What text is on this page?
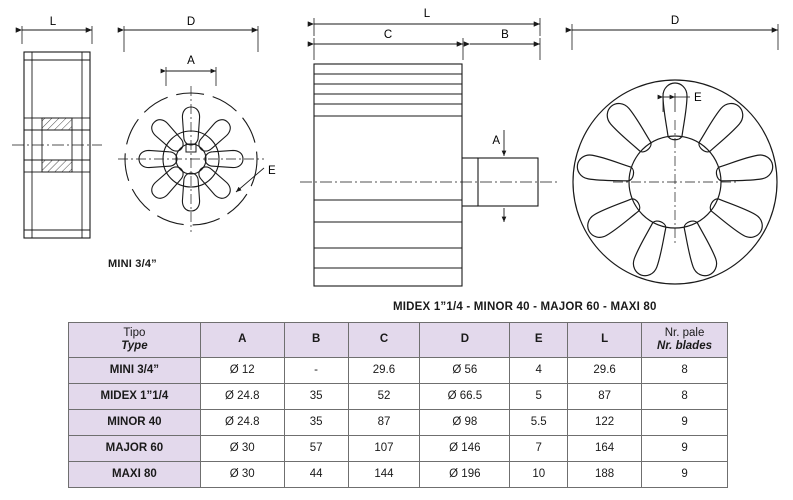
L	D
A
E
L
C	B
A
D
E
MINI 3/4”
MIDEX 1”1/4 - MINOR 40 - MAJOR 60 - MAXI 80
Tipo
Type	A	B	C	D	E	L	Nr. pale
Nr. blades

MINI 3/4”	Ø 12	-	29.6	Ø 56	4	29.6	8
MIDEX 1”1/4	Ø 24.8	35	52	Ø 66.5	5	87	8
MINOR 40	Ø 24.8	35	87	Ø 98	5.5	122	9
MAJOR 60	Ø 30	57	107	Ø 146	7	164	9
MAXI 80	Ø 30	44	144	Ø 196	10	188	9
